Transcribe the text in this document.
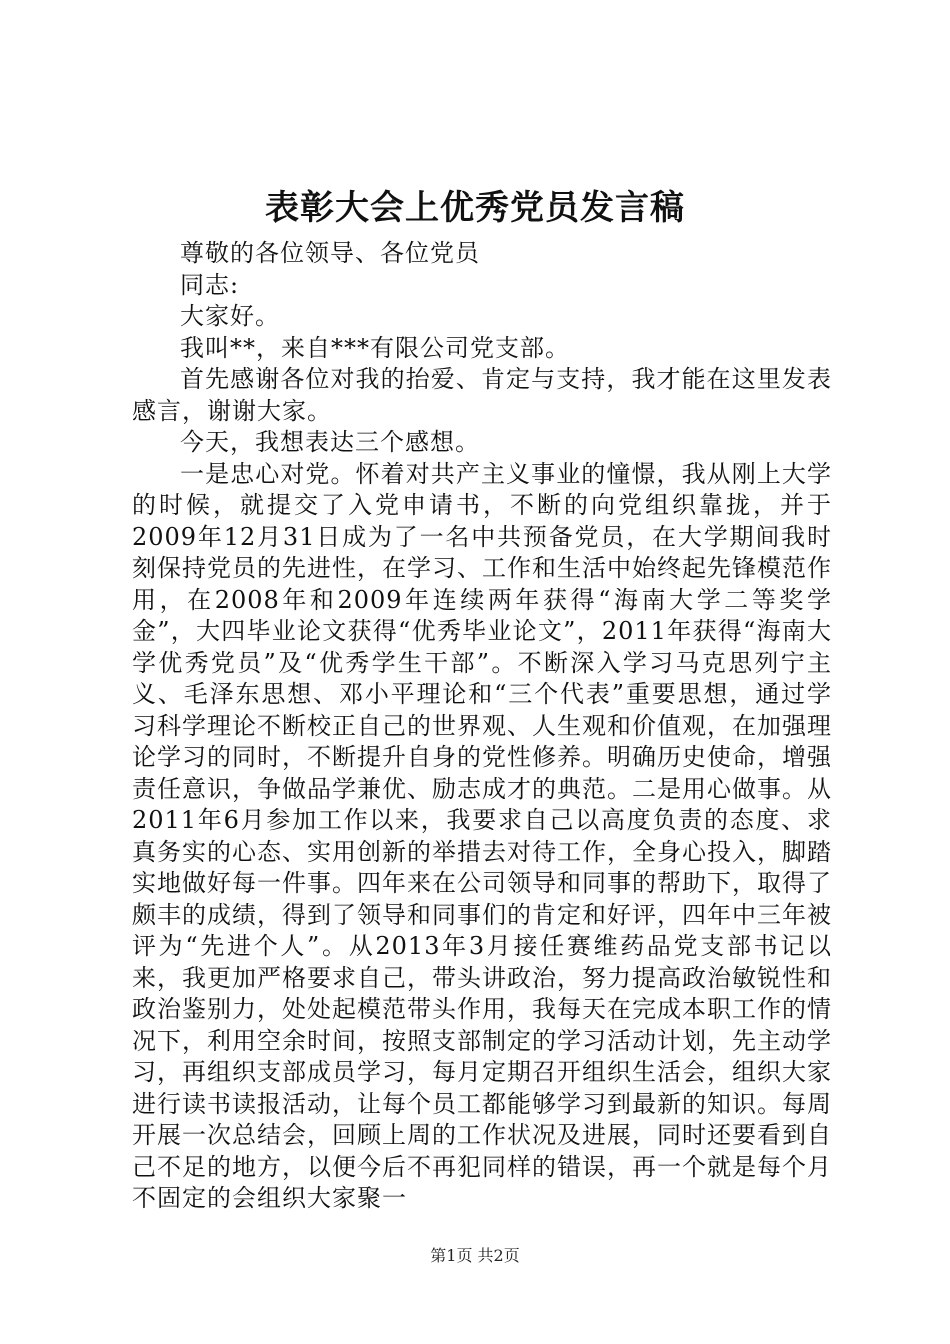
表彰大会上优秀党员发言稿

尊敬的各位领导、各位党员

同志:

大家好。

我叫**，来自***有限公司党支部。

首先感谢各位对我的抬爱、肯定与支持，我才能在这里发表感言，谢谢大家。

今天，我想表达三个感想。

一是忠心对党。怀着对共产主义事业的憧憬，我从刚上大学的时候，就提交了入党申请书，不断的向党组织靠拢，并于2009年12月31日成为了一名中共预备党员，在大学期间我时刻保持党员的先进性，在学习、工作和生活中始终起先锋模范作用，在2008年和2009年连续两年获得“海南大学二等奖学金”，大四毕业论文获得“优秀毕业论文”，2011年获得“海南大学优秀党员”及“优秀学生干部”。不断深入学习马克思列宁主义、毛泽东思想、邓小平理论和“三个代表”重要思想，通过学习科学理论不断校正自己的世界观、人生观和价值观，在加强理论学习的同时，不断提升自身的党性修养。明确历史使命，增强责任意识，争做品学兼优、励志成才的典范。二是用心做事。从2011年6月参加工作以来，我要求自己以高度负责的态度、求真务实的心态、实用创新的举措去对待工作，全身心投入，脚踏实地做好每一件事。四年来在公司领导和同事的帮助下，取得了颇丰的成绩，得到了领导和同事们的肯定和好评，四年中三年被评为“先进个人”。从2013年3月接任赛维药品党支部书记以来，我更加严格要求自己，带头讲政治，努力提高政治敏锐性和政治鉴别力，处处起模范带头作用，我每天在完成本职工作的情况下，利用空余时间，按照支部制定的学习活动计划，先主动学习，再组织支部成员学习，每月定期召开组织生活会，组织大家进行读书读报活动，让每个员工都能够学习到最新的知识。每周开展一次总结会，回顾上周的工作状况及进展，同时还要看到自己不足的地方，以便今后不再犯同样的错误，再一个就是每个月不固定的会组织大家聚一

第1页 共2页
